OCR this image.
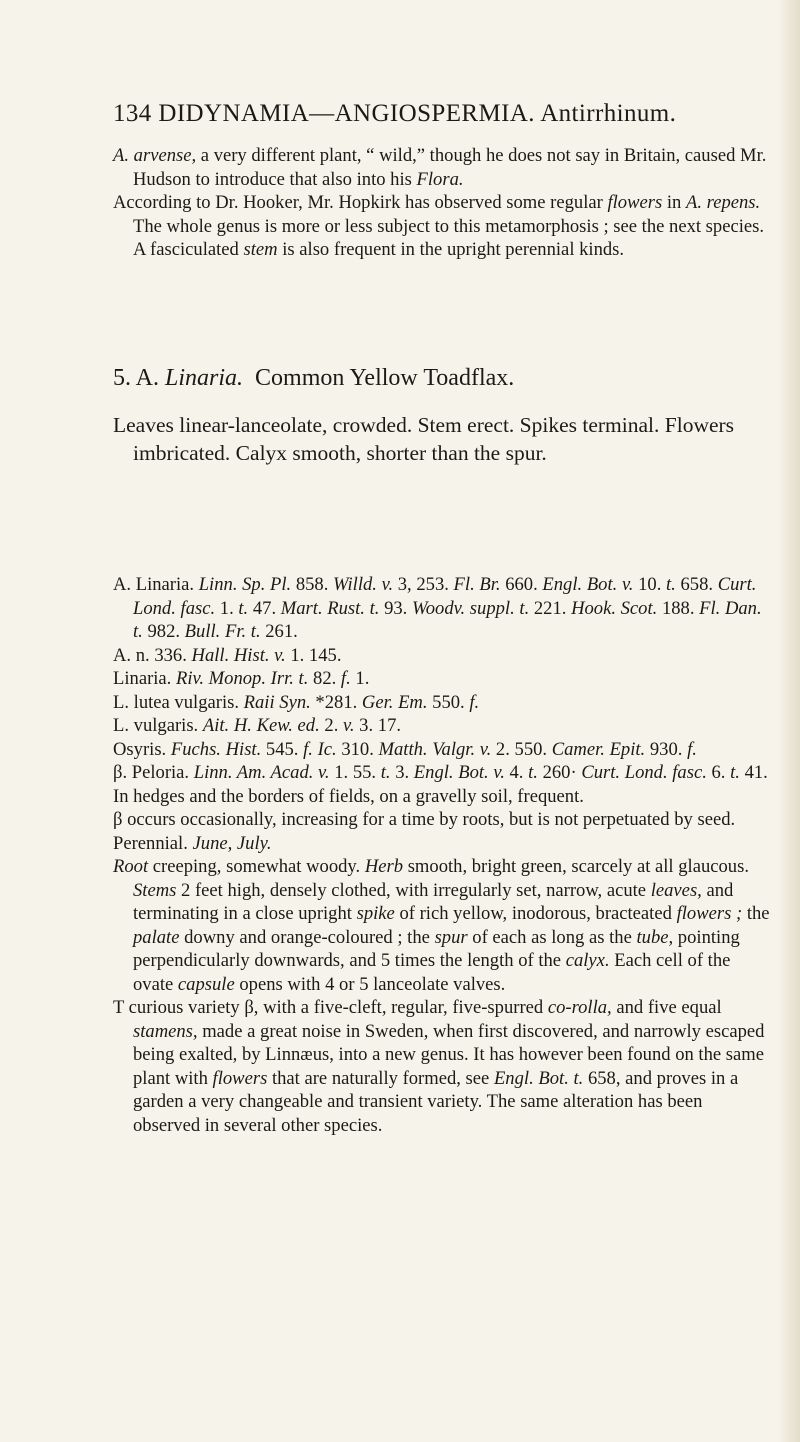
134 DIDYNAMIA—ANGIOSPERMIA. Antirrhinum.

A. arvense, a very different plant, “ wild,” though he does not say in Britain, caused Mr. Hudson to introduce that also into his Flora.

According to Dr. Hooker, Mr. Hopkirk has observed some regular flowers in A. repens. The whole genus is more or less subject to this metamorphosis ; see the next species. A fasciculated stem is also frequent in the upright perennial kinds.

5. A. Linaria. Common Yellow Toadflax.
Leaves linear-lanceolate, crowded. Stem erect. Spikes terminal. Flowers imbricated. Calyx smooth, shorter than the spur.

A. Linaria. Linn. Sp. Pl. 858. Willd. v. 3, 253. Fl. Br. 660. Engl. Bot. v. 10. t. 658. Curt. Lond. fasc. 1. t. 47. Mart. Rust. t. 93. Woodv. suppl. t. 221. Hook. Scot. 188. Fl. Dan. t. 982. Bull. Fr. t. 261.

A. n. 336. Hall. Hist. v. 1. 145.

Linaria. Riv. Monop. Irr. t. 82. f. 1.

L. lutea vulgaris. Raii Syn. *281. Ger. Em. 550. f.

L. vulgaris. Ait. H. Kew. ed. 2. v. 3. 17.

Osyris. Fuchs. Hist. 545. f. Ic. 310. Matth. Valgr. v. 2. 550. Camer. Epit. 930. f.

β. Peloria. Linn. Am. Acad. v. 1. 55. t. 3. Engl. Bot. v. 4. t. 260· Curt. Lond. fasc. 6. t. 41.

In hedges and the borders of fields, on a gravelly soil, frequent.

β occurs occasionally, increasing for a time by roots, but is not perpetuated by seed.

Perennial. June, July.

Root creeping, somewhat woody. Herb smooth, bright green, scarcely at all glaucous. Stems 2 feet high, densely clothed, with irregularly set, narrow, acute leaves, and terminating in a close upright spike of rich yellow, inodorous, bracteated flowers ; the palate downy and orange-coloured ; the spur of each as long as the tube, pointing perpendicularly downwards, and 5 times the length of the calyx. Each cell of the ovate capsule opens with 4 or 5 lanceolate valves.

T curious variety β, with a five-cleft, regular, five-spurred co-rolla, and five equal stamens, made a great noise in Sweden, when first discovered, and narrowly escaped being exalted, by Linnæus, into a new genus. It has however been found on the same plant with flowers that are naturally formed, see Engl. Bot. t. 658, and proves in a garden a very changeable and transient variety. The same alteration has been observed in several other species.
